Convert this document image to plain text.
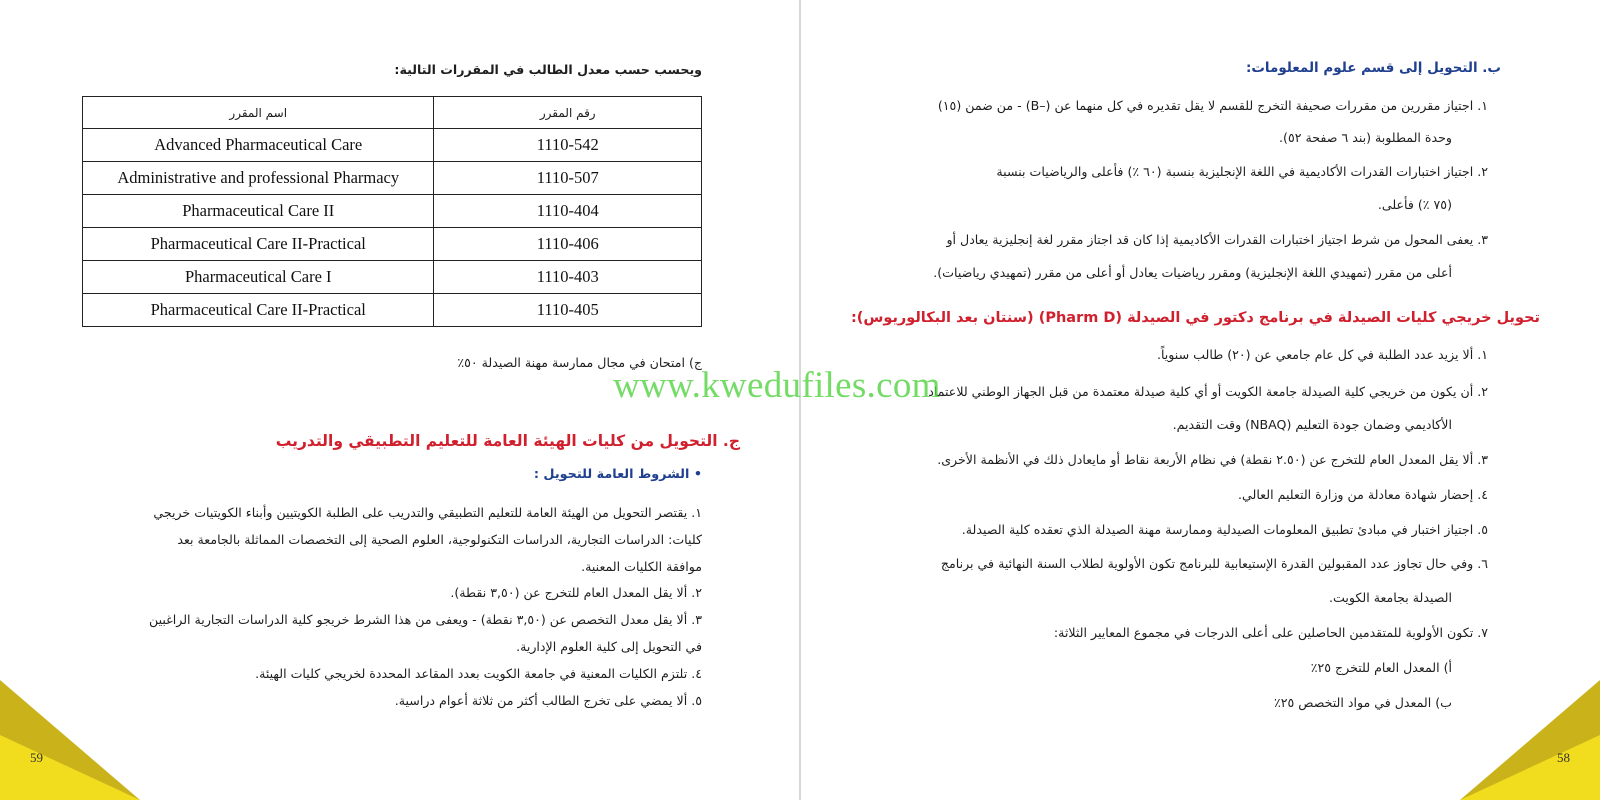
ويحسب حسب معدل الطالب في المقررات التالية:
اسم المقرر	رقم المقرر
Advanced Pharmaceutical Care	1110-542
Administrative and professional Pharmacy	1110-507
Pharmaceutical Care II	1110-404
Pharmaceutical Care II-Practical	1110-406
Pharmaceutical Care I	1110-403
Pharmaceutical Care II-Practical	1110-405
ج) امتحان في مجال ممارسة مهنة الصيدلة ٥٠٪
ج. التحويل من كليات الهيئة العامة للتعليم التطبيقي والتدريب
• الشروط العامة للتحويل :
١. يقتصر التحويل من الهيئة العامة للتعليم التطبيقي والتدريب على الطلبة الكويتيين وأبناء الكويتيات خريجي
كليات: الدراسات التجارية، الدراسات التكنولوجية، العلوم الصحية إلى التخصصات المماثلة بالجامعة بعد
موافقة الكليات المعنية.
٢. ألا يقل المعدل العام للتخرج عن (٣,٥٠ نقطة).
٣. ألا يقل معدل التخصص عن (٣,٥٠ نقطة) - ويعفى من هذا الشرط خريجو كلية الدراسات التجارية الراغبين
في التحويل إلى كلية العلوم الإدارية.
٤. تلتزم الكليات المعنية في جامعة الكويت بعدد المقاعد المحددة لخريجي كليات الهيئة.
٥. ألا يمضي على تخرج الطالب أكثر من ثلاثة أعوام دراسية.
59
ب. التحويل إلى قسم علوم المعلومات:
١. اجتياز مقررين من مقررات صحيفة التخرج للقسم لا يقل تقديره في كل منهما عن (–B) - من ضمن (١٥)
وحدة المطلوبة (بند ٦ صفحة ٥٢).
٢. اجتياز اختبارات القدرات الأكاديمية في اللغة الإنجليزية بنسبة (٦٠ ٪) فأعلى والرياضيات بنسبة
(٧٥ ٪) فأعلى.
٣. يعفى المحول من شرط اجتياز اختبارات القدرات الأكاديمية إذا كان قد اجتاز مقرر لغة إنجليزية يعادل أو
أعلى من مقرر (تمهيدي اللغة الإنجليزية) ومقرر رياضيات يعادل أو أعلى من مقرر (تمهيدي رياضيات).
تحويل خريجي كليات الصيدلة في برنامج دكتور في الصيدلة (Pharm D) (سنتان بعد البكالوريوس):
١. ألا يزيد عدد الطلبة في كل عام جامعي عن (٢٠) طالب سنوياً.
٢. أن يكون من خريجي كلية الصيدلة جامعة الكويت أو أي كلية صيدلة معتمدة من قبل الجهاز الوطني للاعتماد
الأكاديمي وضمان جودة التعليم (NBAQ) وقت التقديم.
٣. ألا يقل المعدل العام للتخرج عن (٢.٥٠ نقطة) في نظام الأربعة نقاط أو مايعادل ذلك في الأنظمة الأخرى.
٤. إحضار شهادة معادلة من وزارة التعليم العالي.
٥. اجتياز اختبار في مبادئ تطبيق المعلومات الصيدلية وممارسة مهنة الصيدلة الذي تعقده كلية الصيدلة.
٦. وفي حال تجاوز عدد المقبولين القدرة الإستيعابية للبرنامج تكون الأولوية لطلاب السنة النهائية في برنامج
الصيدلة بجامعة الكويت.
٧. تكون الأولوية للمتقدمين الحاصلين على أعلى الدرجات في مجموع المعايير الثلاثة:
أ) المعدل العام للتخرج ٢٥٪
ب) المعدل في مواد التخصص ٢٥٪
58
www.kwedufiles.com
